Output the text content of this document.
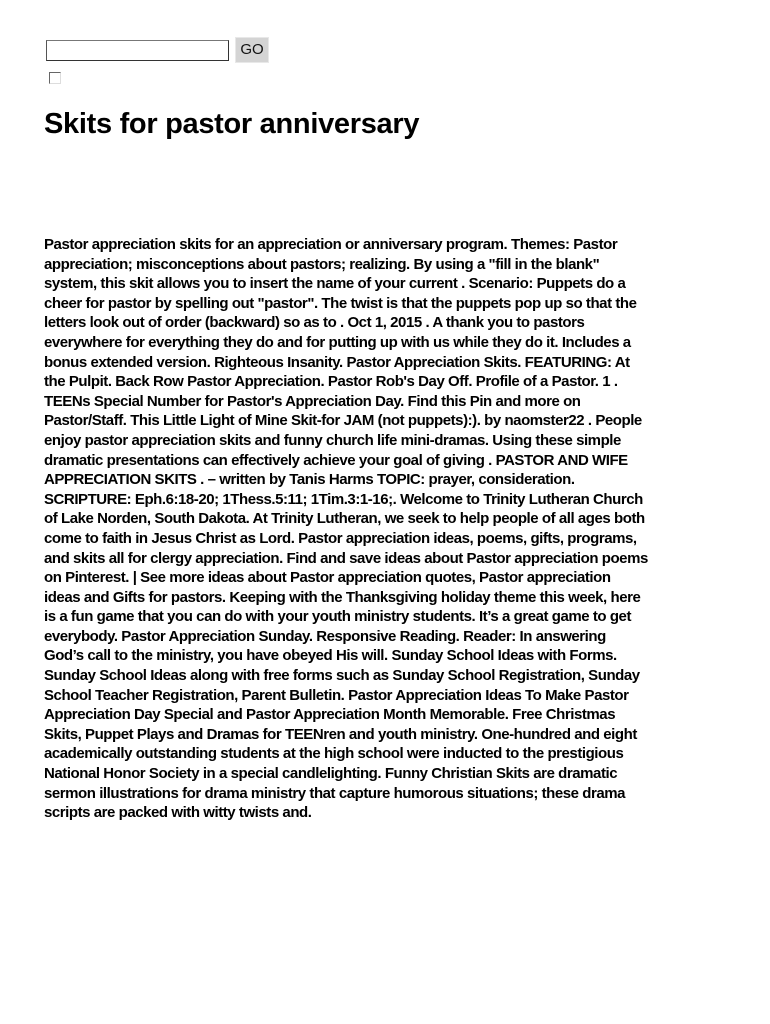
GO
Skits for pastor anniversary
Pastor appreciation skits for an appreciation or anniversary program. Themes: Pastor
appreciation; misconceptions about pastors; realizing. By using a "fill in the blank"
system, this skit allows you to insert the name of your current . Scenario: Puppets do a
cheer for pastor by spelling out "pastor". The twist is that the puppets pop up so that the
letters look out of order (backward) so as to . Oct 1, 2015 . A thank you to pastors
everywhere for everything they do and for putting up with us while they do it. Includes a
bonus extended version. Righteous Insanity. Pastor Appreciation Skits. FEATURING: At
the Pulpit. Back Row Pastor Appreciation. Pastor Rob's Day Off. Profile of a Pastor. 1 .
TEENs Special Number for Pastor's Appreciation Day. Find this Pin and more on
Pastor/Staff. This Little Light of Mine Skit-for JAM (not puppets):). by naomster22 . People
enjoy pastor appreciation skits and funny church life mini-dramas. Using these simple
dramatic presentations can effectively achieve your goal of giving . PASTOR AND WIFE
APPRECIATION SKITS . – written by Tanis Harms TOPIC: prayer, consideration.
SCRIPTURE: Eph.6:18-20; 1Thess.5:11; 1Tim.3:1-16;. Welcome to Trinity Lutheran Church
of Lake Norden, South Dakota. At Trinity Lutheran, we seek to help people of all ages both
come to faith in Jesus Christ as Lord. Pastor appreciation ideas, poems, gifts, programs,
and skits all for clergy appreciation. Find and save ideas about Pastor appreciation poems
on Pinterest. | See more ideas about Pastor appreciation quotes, Pastor appreciation
ideas and Gifts for pastors. Keeping with the Thanksgiving holiday theme this week, here
is a fun game that you can do with your youth ministry students. It’s a great game to get
everybody. Pastor Appreciation Sunday. Responsive Reading. Reader: In answering
God’s call to the ministry, you have obeyed His will. Sunday School Ideas with Forms.
Sunday School Ideas along with free forms such as Sunday School Registration, Sunday
School Teacher Registration, Parent Bulletin. Pastor Appreciation Ideas To Make Pastor
Appreciation Day Special and Pastor Appreciation Month Memorable. Free Christmas
Skits, Puppet Plays and Dramas for TEENren and youth ministry. One-hundred and eight
academically outstanding students at the high school were inducted to the prestigious
National Honor Society in a special candlelighting. Funny Christian Skits are dramatic
sermon illustrations for drama ministry that capture humorous situations; these drama
scripts are packed with witty twists and.
